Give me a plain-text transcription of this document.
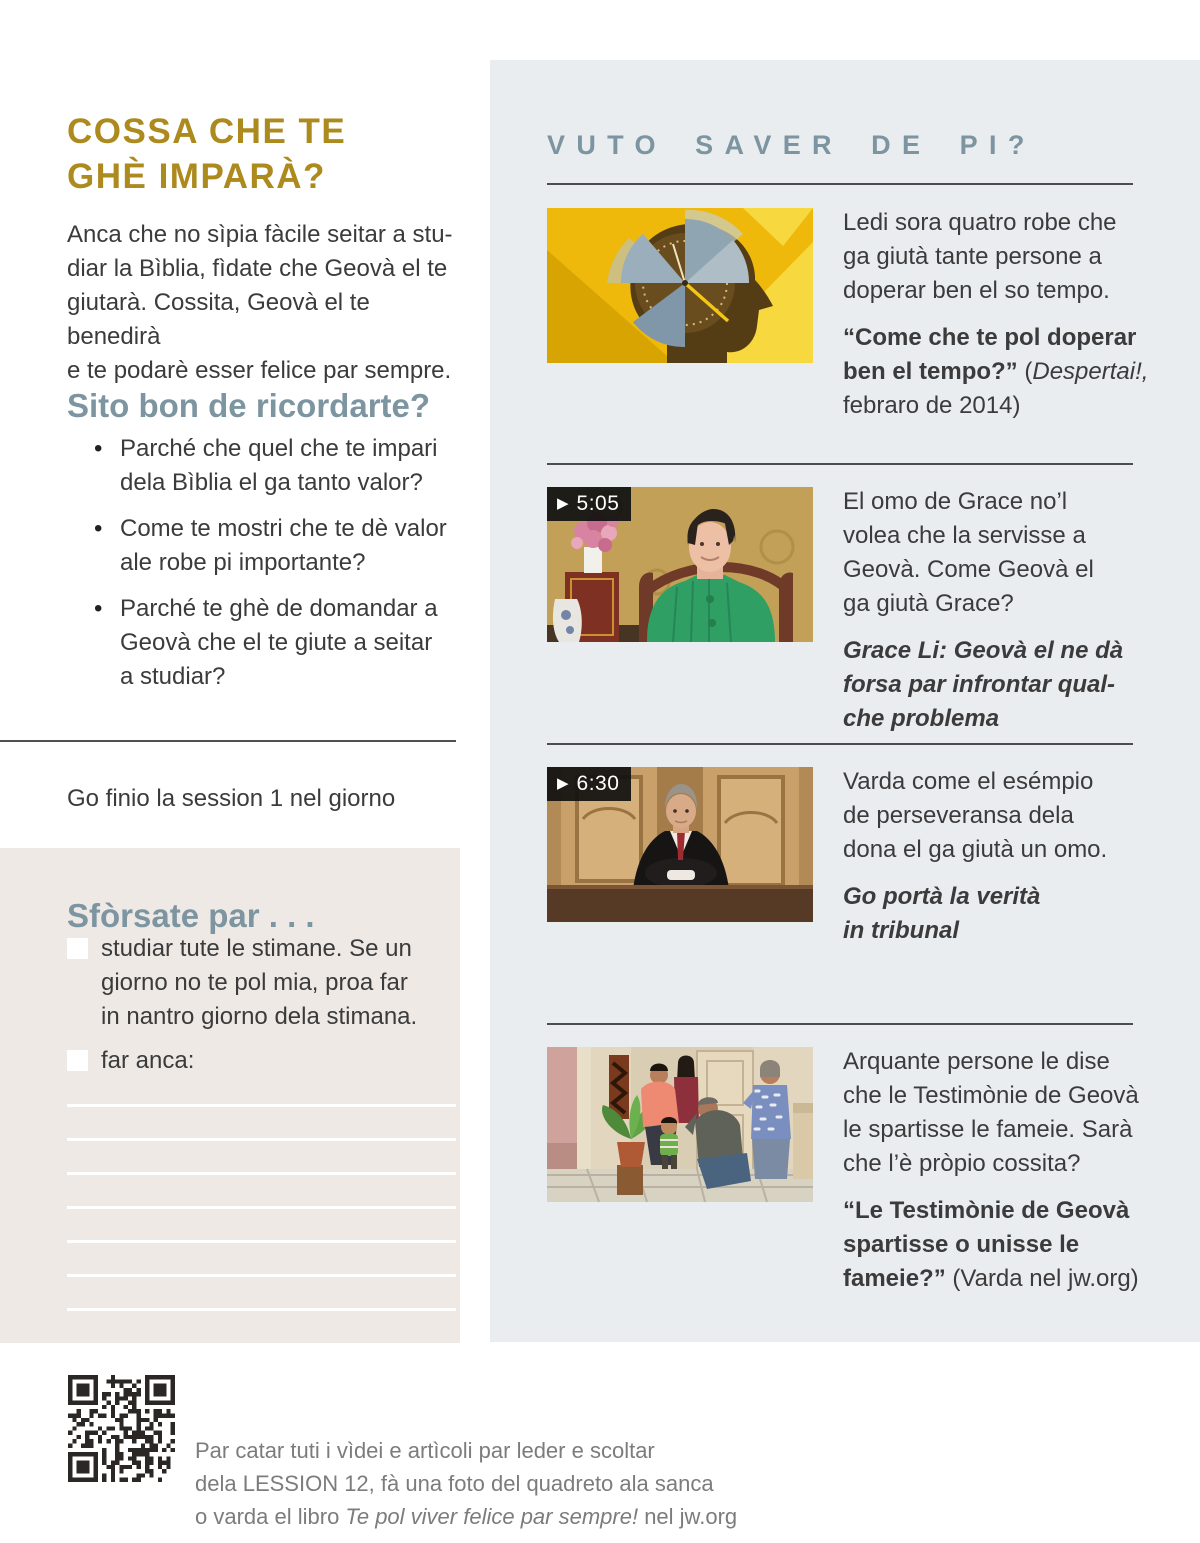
COSSA CHE TE
GHÈ IMPARÀ?

Anca che no sìpia fàcile seitar a stu-
diar la Bìblia, fìdate che Geovà el te
giutarà. Cossita, Geovà el te benedirà
e te podarè esser felice par sempre.

Sito bon de ricordarte?
• Parché che quel che te impari
dela Bìblia el ga tanto valor?
• Come te mostri che te dè valor
ale robe pi importante?
• Parché te ghè de domandar a
Geovà che el te giute a seitar
a studiar?

Go finio la session 1 nel giorno

Sfòrsate par . . .
studiar tute le stimane. Se un
giorno no te pol mia, proa far
in nantro giorno dela stimana.
far anca:

Par catar tuti i vìdei e artìcoli par leder e scoltar
dela LESSION 12, fà una foto del quadreto ala sanca
o varda el libro Te pol viver felice par sempre! nel jw.org

VUTO SAVER DE PI?
Ledi sora quatro robe che
ga giutà tante persone a
doperar ben el so tempo.
“Come che te pol doperar
ben el tempo?” (Despertai!,
febraro de 2014)
▶ 5:05	El omo de Grace no’l
volea che la servisse a
Geovà. Come Geovà el
ga giutà Grace?
Grace Li: Geovà el ne dà
forsa par infrontar qual-
che problema
▶ 6:30	Varda come el esémpio
de perseveransa dela
dona el ga giutà un omo.
Go portà la verità
in tribunal
Arquante persone le dise
che le Testimònie de Geovà
le spartisse le fameie. Sarà
che l’è pròpio cossita?
“Le Testimònie de Geovà
spartisse o unisse le
fameie?” (Varda nel jw.org)
